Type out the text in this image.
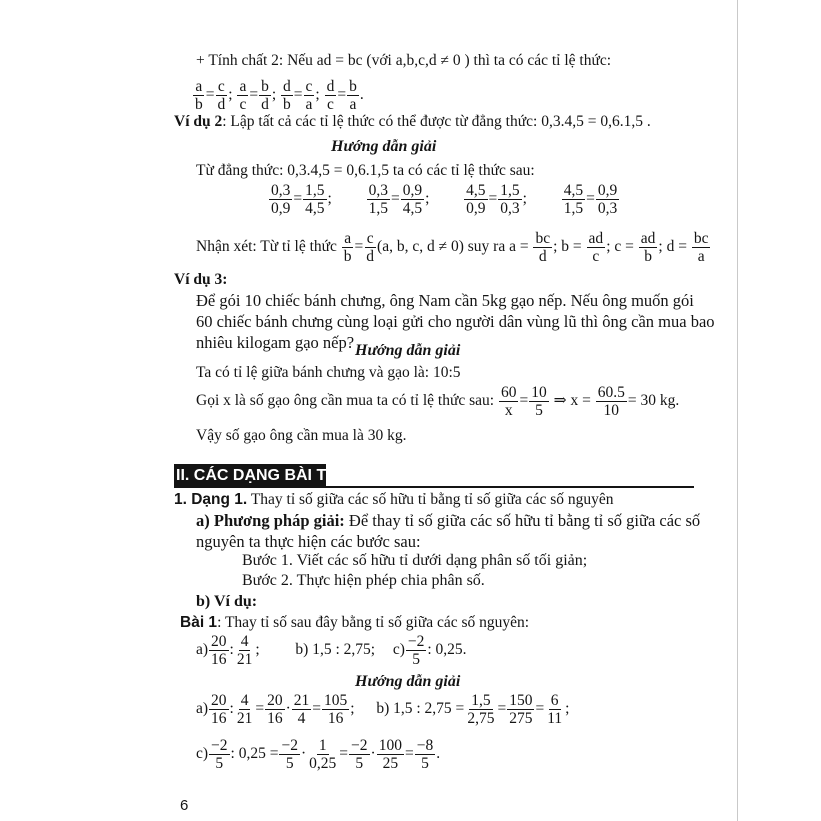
+ Tính chất 2: Nếu ad = bc (với a,b,c,d ≠ 0 ) thì ta có các tỉ lệ thức:
$\frac{a}{b} = \frac{c}{d}$ ; $\frac{a}{c} = \frac{b}{d}$ ; $\frac{d}{b} = \frac{c}{a}$ ; $\frac{d}{c} = \frac{b}{a}$ .
Ví dụ 2: Lập tất cả các tỉ lệ thức có thể được từ đẳng thức: 0,3.4,5 = 0,6.1,5 .
Hướng dẫn giải
Từ đẳng thức: 0,3.4,5 = 0,6.1,5 ta có các tỉ lệ thức sau:
$\frac{0,3}{0,9} = \frac{1,5}{4,5}$ ; $\frac{0,3}{1,5} = \frac{0,9}{4,5}$ ; $\frac{4,5}{0,9} = \frac{1,5}{0,3}$ ; $\frac{4,5}{1,5} = \frac{0,9}{0,3}$
Nhận xét: Từ tỉ lệ thức $\frac{a}{b} = \frac{c}{d} (a$, b, c, d ≠ 0) suy ra $a = \frac{bc}{d}$ ; $b = \frac{ad}{c}$ ; $c = \frac{ad}{b}$ ; $d = \frac{bc}{a}$
Ví dụ 3:
Để gói 10 chiếc bánh chưng, ông Nam cần 5kg gạo nếp. Nếu ông muốn gói
60 chiếc bánh chưng cùng loại gửi cho người dân vùng lũ thì ông cần mua bao
nhiêu kilogam gạo nếp? Hướng dẫn giải
Ta có tỉ lệ giữa bánh chưng và gạo là: 10:5
Gọi x là số gạo ông cần mua ta có tỉ lệ thức sau: $\frac{60}{x} = \frac{10}{5}$ ⇒ $x = \frac{60.5}{10} = 30$ kg.
Vậy số gạo ông cần mua là 30 kg.
II. CÁC DẠNG BÀI TẬP
1. Dạng 1. Thay tỉ số giữa các số hữu tỉ bằng tỉ số giữa các số nguyên
a) Phương pháp giải: Để thay tỉ số giữa các số hữu tỉ bằng tỉ số giữa các số
nguyên ta thực hiện các bước sau:
Bước 1. Viết các số hữu tỉ dưới dạng phân số tối giản;
Bước 2. Thực hiện phép chia phân số.
b) Ví dụ:
Bài 1: Thay tỉ số sau đây bằng tỉ số giữa các số nguyên:
$a) \frac{20}{16}$ : $\frac{4}{21}$ ;  b) 1,5 : 2,75;  $c) \frac{-2}{5}$ : 0,25.
Hướng dẫn giải
$a) \frac{20}{16}$ : $\frac{4}{21} = \frac{20}{16} \cdot \frac{21}{4} = \frac{105}{16}$ ;  b) 1,5 : $2,75 = \frac{1,5}{2,75} = \frac{150}{275} = \frac{6}{11}$ ;
$c) \frac{-2}{5}$ : $0,25 = \frac{-2}{5} \cdot \frac{1}{0,25} = \frac{-2}{5} \cdot \frac{100}{25} = \frac{-8}{5}$ .
6
